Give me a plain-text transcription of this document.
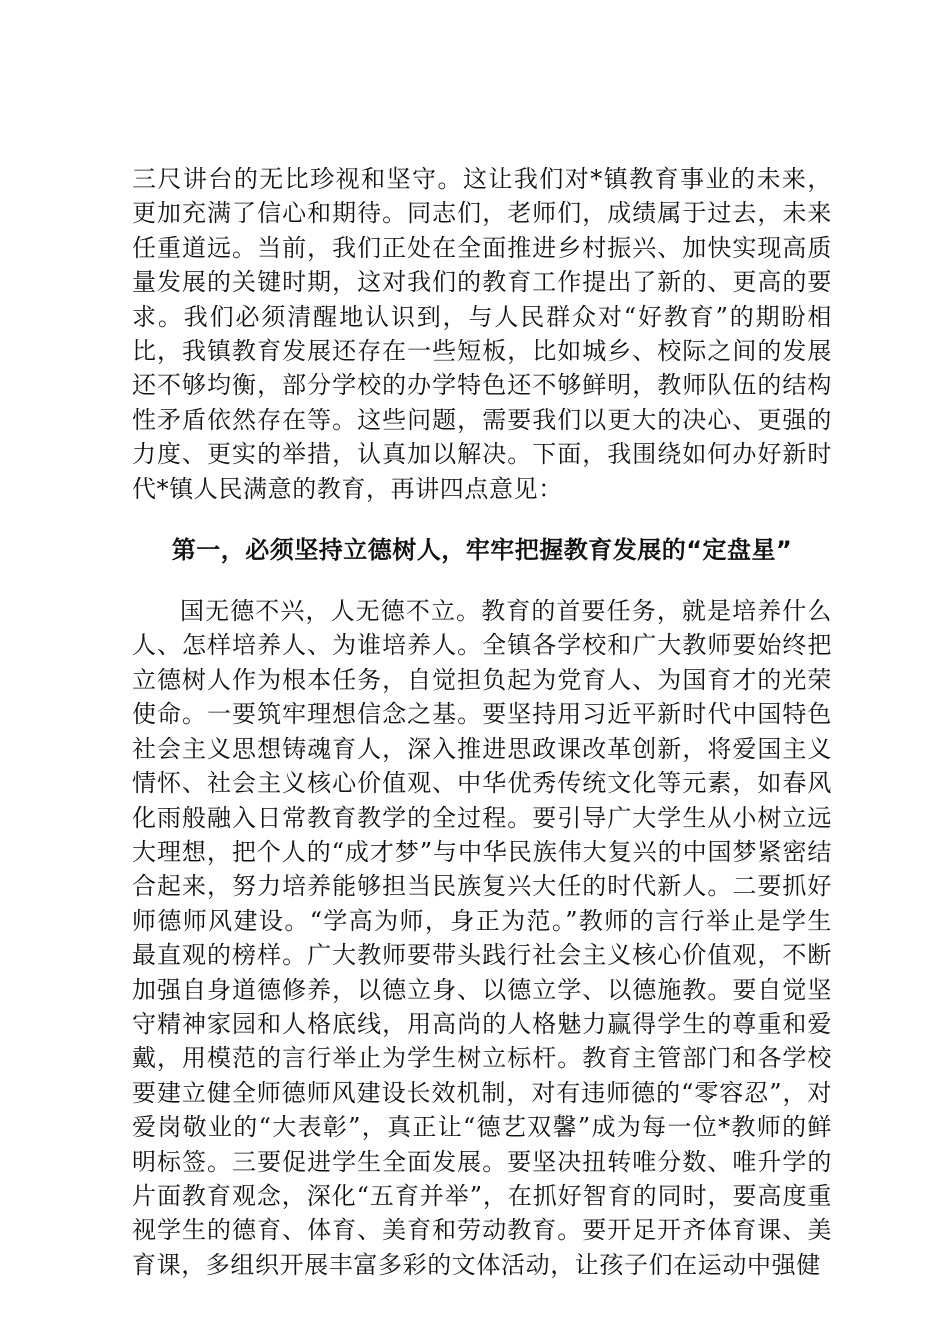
三尺讲台的无比珍视和坚守。这让我们对*镇教育事业的未来，更加充满了信心和期待。同志们，老师们，成绩属于过去，未来任重道远。当前，我们正处在全面推进乡村振兴、加快实现高质量发展的关键时期，这对我们的教育工作提出了新的、更高的要求。我们必须清醒地认识到，与人民群众对“好教育”的期盼相比，我镇教育发展还存在一些短板，比如城乡、校际之间的发展还不够均衡，部分学校的办学特色还不够鲜明，教师队伍的结构性矛盾依然存在等。这些问题，需要我们以更大的决心、更强的力度、更实的举措，认真加以解决。下面，我围绕如何办好新时代*镇人民满意的教育，再讲四点意见：

第一，必须坚持立德树人，牢牢把握教育发展的“定盘星”

国无德不兴，人无德不立。教育的首要任务，就是培养什么人、怎样培养人、为谁培养人。全镇各学校和广大教师要始终把立德树人作为根本任务，自觉担负起为党育人、为国育才的光荣使命。一要筑牢理想信念之基。要坚持用习近平新时代中国特色社会主义思想铸魂育人，深入推进思政课改革创新，将爱国主义情怀、社会主义核心价值观、中华优秀传统文化等元素，如春风化雨般融入日常教育教学的全过程。要引导广大学生从小树立远大理想，把个人的“成才梦”与中华民族伟大复兴的中国梦紧密结合起来，努力培养能够担当民族复兴大任的时代新人。二要抓好师德师风建设。“学高为师，身正为范。”教师的言行举止是学生最直观的榜样。广大教师要带头践行社会主义核心价值观，不断加强自身道德修养，以德立身、以德立学、以德施教。要自觉坚守精神家园和人格底线，用高尚的人格魅力赢得学生的尊重和爱戴，用模范的言行举止为学生树立标杆。教育主管部门和各学校要建立健全师德师风建设长效机制，对有违师德的“零容忍”，对爱岗敬业的“大表彰”，真正让“德艺双馨”成为每一位*教师的鲜明标签。三要促进学生全面发展。要坚决扭转唯分数、唯升学的片面教育观念，深化“五育并举”，在抓好智育的同时，要高度重视学生的德育、体育、美育和劳动教育。要开足开齐体育课、美育课，多组织开展丰富多彩的文体活动，让孩子们在运动中强健
